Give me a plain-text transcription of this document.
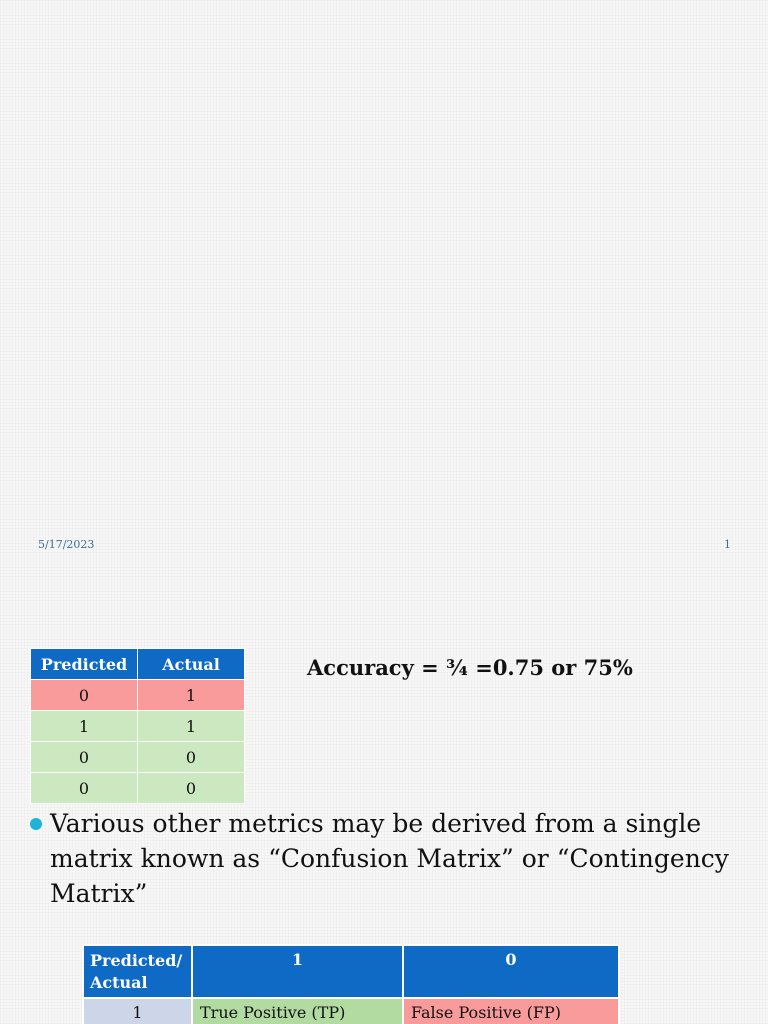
5/17/2023	1
Predicted	Actual
0	1
1	1
0	0
0	0
Accuracy = ¾ =0.75 or 75%
Various other metrics may be derived from a single matrix known as “Confusion Matrix” or “Contingency Matrix”
Predicted/
Actual	1	0
1	True Positive (TP)	False Positive (FP)
